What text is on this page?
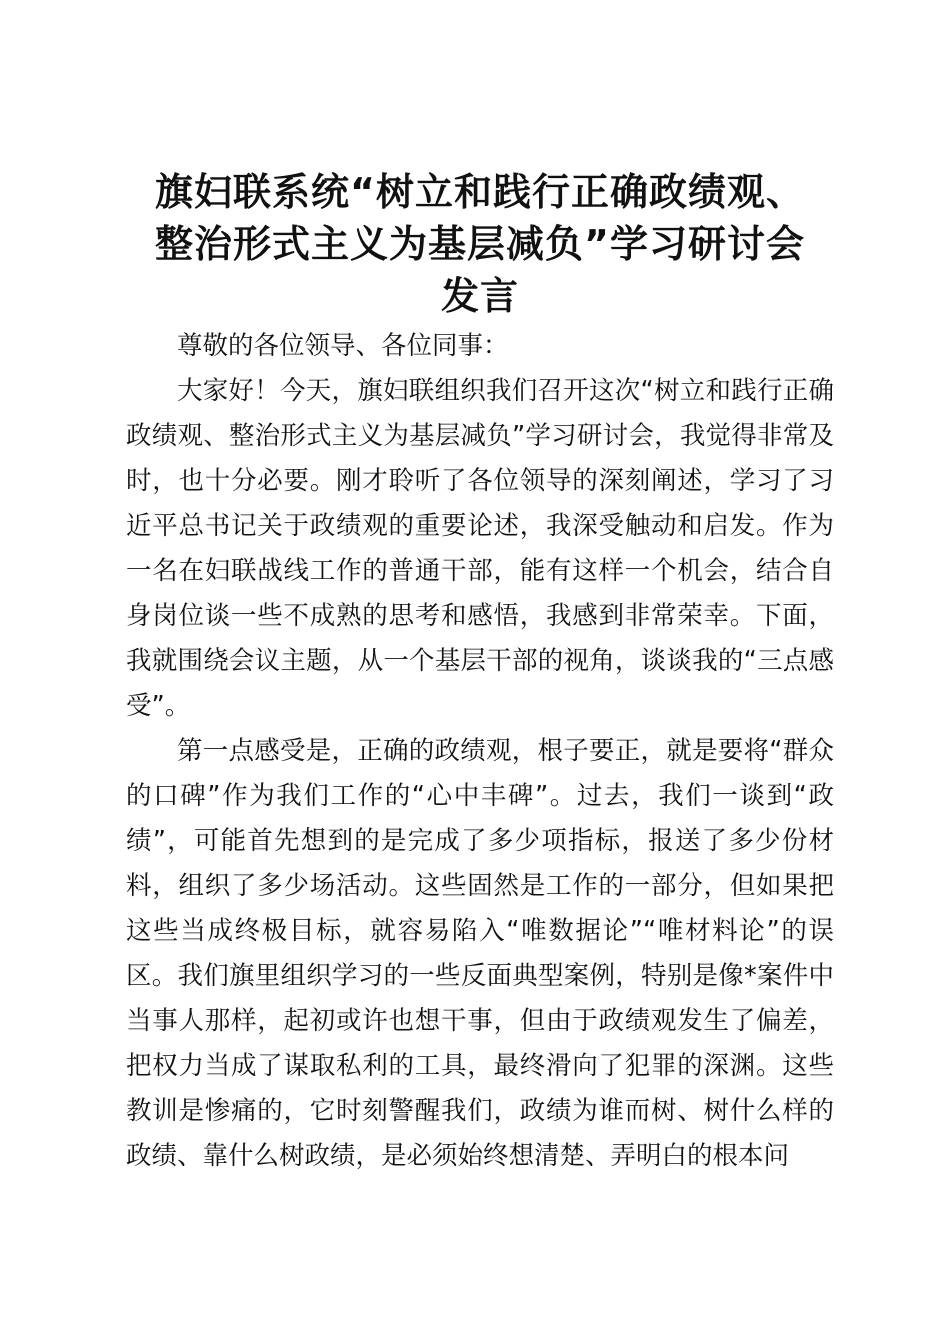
旗妇联系统“树立和践行正确政绩观、
整治形式主义为基层减负”学习研讨会
发言

尊敬的各位领导、各位同事：

大家好！今天，旗妇联组织我们召开这次“树立和践行正确政绩观、整治形式主义为基层减负”学习研讨会，我觉得非常及时，也十分必要。刚才聆听了各位领导的深刻阐述，学习了习近平总书记关于政绩观的重要论述，我深受触动和启发。作为一名在妇联战线工作的普通干部，能有这样一个机会，结合自身岗位谈一些不成熟的思考和感悟，我感到非常荣幸。下面，我就围绕会议主题，从一个基层干部的视角，谈谈我的“三点感受”。

第一点感受是，正确的政绩观，根子要正，就是要将“群众的口碑”作为我们工作的“心中丰碑”。过去，我们一谈到“政绩”，可能首先想到的是完成了多少项指标，报送了多少份材料，组织了多少场活动。这些固然是工作的一部分，但如果把这些当成终极目标，就容易陷入“唯数据论”“唯材料论”的误区。我们旗里组织学习的一些反面典型案例，特别是像*案件中当事人那样，起初或许也想干事，但由于政绩观发生了偏差，把权力当成了谋取私利的工具，最终滑向了犯罪的深渊。这些教训是惨痛的，它时刻警醒我们，政绩为谁而树、树什么样的政绩、靠什么树政绩，是必须始终想清楚、弄明白的根本问
